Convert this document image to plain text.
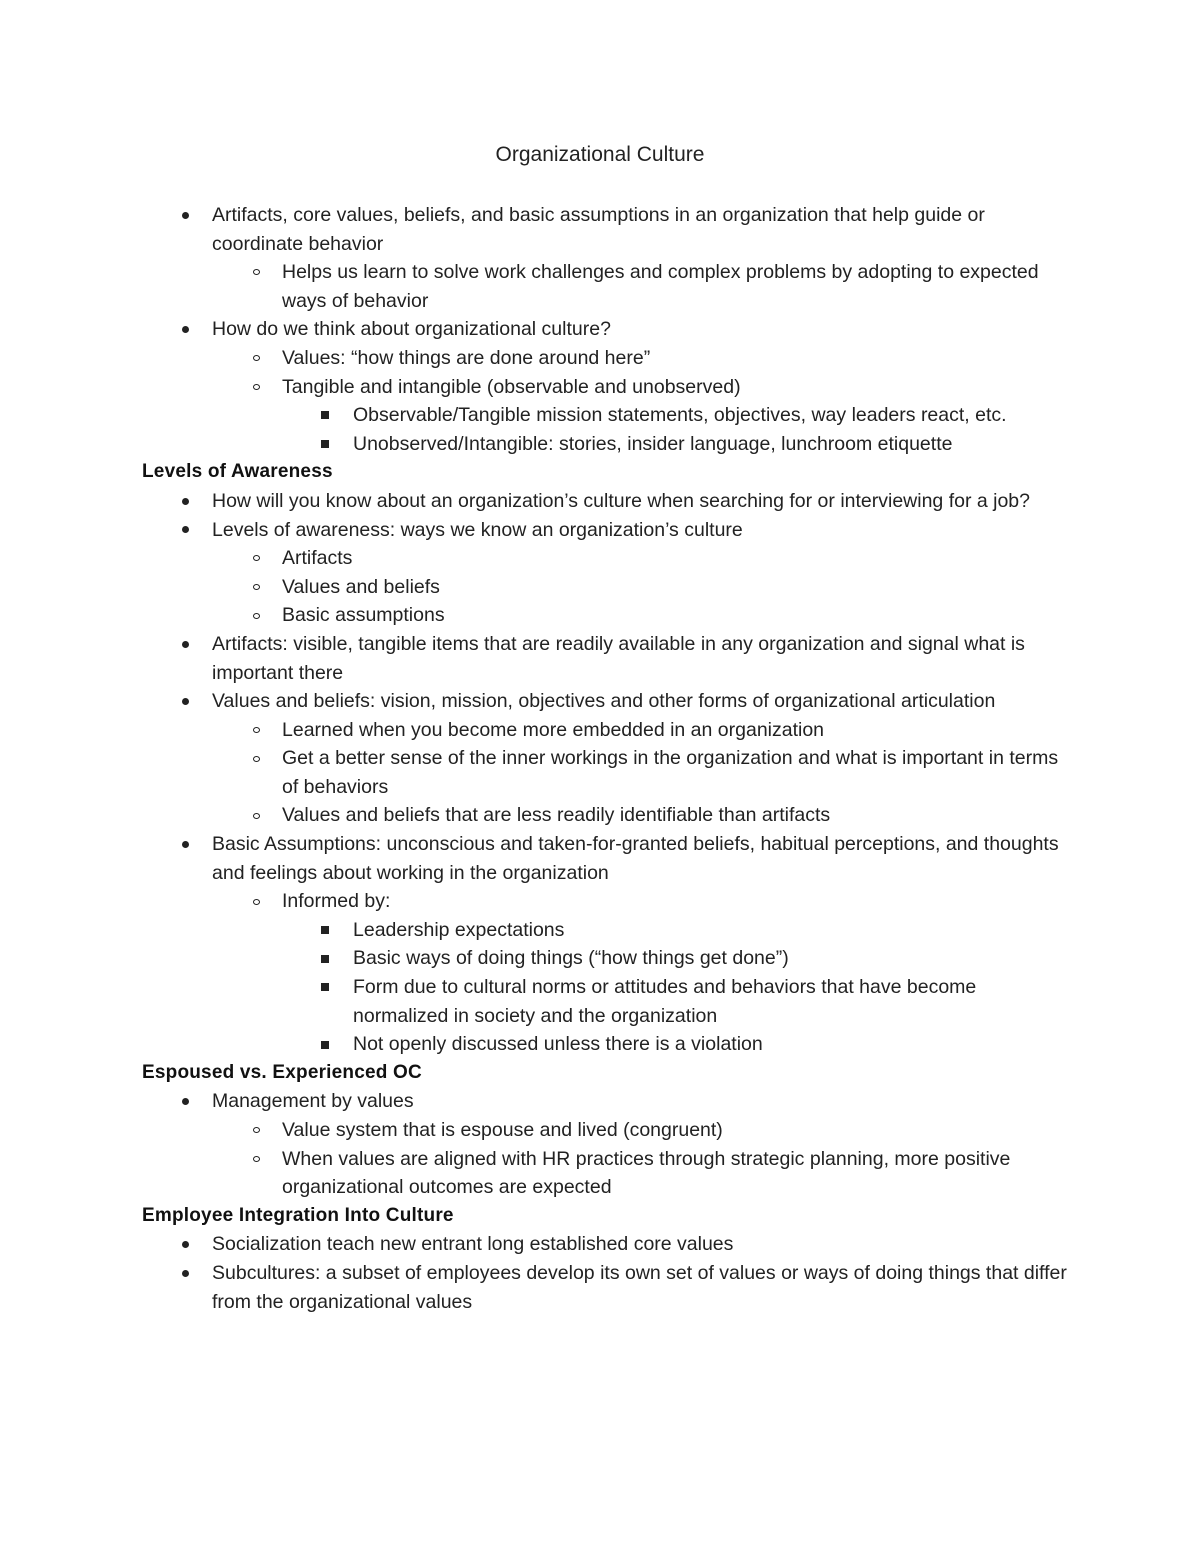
Organizational Culture
Artifacts, core values, beliefs, and basic assumptions in an organization that help guide or coordinate behavior
Helps us learn to solve work challenges and complex problems by adopting to expected ways of behavior
How do we think about organizational culture?
Values: “how things are done around here”
Tangible and intangible (observable and unobserved)
Observable/Tangible mission statements, objectives, way leaders react, etc.
Unobserved/Intangible: stories, insider language, lunchroom etiquette
Levels of Awareness
How will you know about an organization’s culture when searching for or interviewing for a job?
Levels of awareness: ways we know an organization’s culture
Artifacts
Values and beliefs
Basic assumptions
Artifacts: visible, tangible items that are readily available in any organization and signal what is important there
Values and beliefs: vision, mission, objectives and other forms of organizational articulation
Learned when you become more embedded in an organization
Get a better sense of the inner workings in the organization and what is important in terms of behaviors
Values and beliefs that are less readily identifiable than artifacts
Basic Assumptions: unconscious and taken-for-granted beliefs, habitual perceptions, and thoughts and feelings about working in the organization
Informed by:
Leadership expectations
Basic ways of doing things (“how things get done”)
Form due to cultural norms or attitudes and behaviors that have become normalized in society and the organization
Not openly discussed unless there is a violation
Espoused vs. Experienced OC
Management by values
Value system that is espouse and lived (congruent)
When values are aligned with HR practices through strategic planning, more positive organizational outcomes are expected
Employee Integration Into Culture
Socialization teach new entrant long established core values
Subcultures: a subset of employees develop its own set of values or ways of doing things that differ from the organizational values
